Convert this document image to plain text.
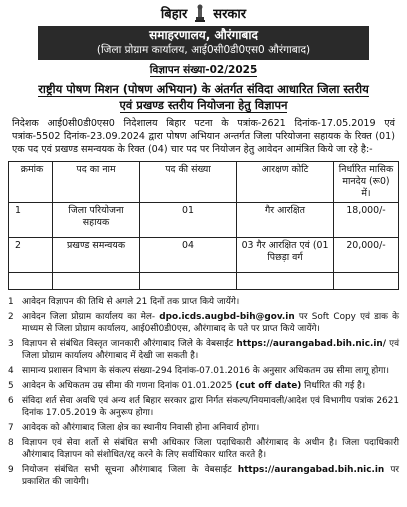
बिहार सरकार
समाहरणालय, औरंगाबाद
(जिला प्रोग्राम कार्यालय, आई0सी0डी0एस0 औरंगाबाद)
विज्ञापन संख्या-02/2025
राष्ट्रीय पोषण मिशन (पोषण अभियान) के अंतर्गत संविदा आधारित जिला स्तरीय
एवं प्रखण्ड स्तरीय नियोजना हेतु विज्ञापन
निदेशक आई0सी0डी0एस0 निदेशालय बिहार पटना के पत्रांक-2621 दिनांक-17.05.2019 एवं पत्रांक-5502 दिनांक-23.09.2024 द्वारा पोषण अभियान अन्तर्गत जिला परियोजना सहायक के रिक्त (01) एक पद एवं प्रखण्ड समन्वयक के रिक्त (04) चार पद पर नियोजन हेतु आवेदन आमंत्रित किये जा रहे है:-
क्रमांक	पद का नाम	पद की संख्या	आरक्षण कोटि	निर्धारित मासिक मानदेय (रू0) में।
1	जिला परियोजना सहायक	01	गैर आरक्षित	18,000/-
2	प्रखण्ड समन्वयक	04	03 गैर आरक्षित एवं (01 पिछड़ा वर्ग	20,000/-

1 आवेदन विज्ञापन की तिथि से अगले 21 दिनों तक प्राप्त किये जायेंगे।
2 आवेदन जिला प्रोग्राम कार्यालय का मेल- dpo.icds.augbd-bih@gov.in पर Soft Copy एवं डाक के माध्यम से जिला प्रोग्राम कार्यालय, आई0सी0डी0एस, औरंगाबाद के पते पर प्राप्त किये जायेंगे।
3 विज्ञापन से संबंधित विस्तृत जानकारी औरंगाबाद जिले के वेबसाईट https://aurangabad.bih.nic.in/ एवं जिला प्रोग्राम कार्यालय औरंगाबाद में देखी जा सकती है।
4 सामान्य प्रशासन विभाग के संकल्प संख्या-294 दिनांक-07.01.2016 के अनुसार अधिकतम उम्र सीमा लागू होगा।
5 आवेदन के अधिकतम उम्र सीमा की गणना दिनांक 01.01.2025 (cut off date) निर्धारित की गई है।
6 संविदा शर्त सेवा अवधि एवं अन्य शर्त बिहार सरकार द्वारा निर्गत संकल्प/नियमावली/आदेश एवं विभागीय पत्रांक 2621 दिनांक 17.05.2019 के अनुरूप होगा।
7 आवेदक को औरंगाबाद जिला क्षेत्र का स्थानीय निवासी होना अनिवार्य होगा।
8 विज्ञापन एवं सेवा शर्तो से संबंधित सभी अधिकार जिला पदाधिकारी औरंगाबाद के अधीन है। जिला पदाधिकारी औरंगाबाद विज्ञापन को संशोधित/रद्द करने के लिए सर्वाधिकार धारित करते है।
9 नियोजन संबंधित सभी सूचना औरंगाबाद जिला के वेबसाईट https://aurangabad.bih.nic.in पर प्रकाशित की जायेगी।
